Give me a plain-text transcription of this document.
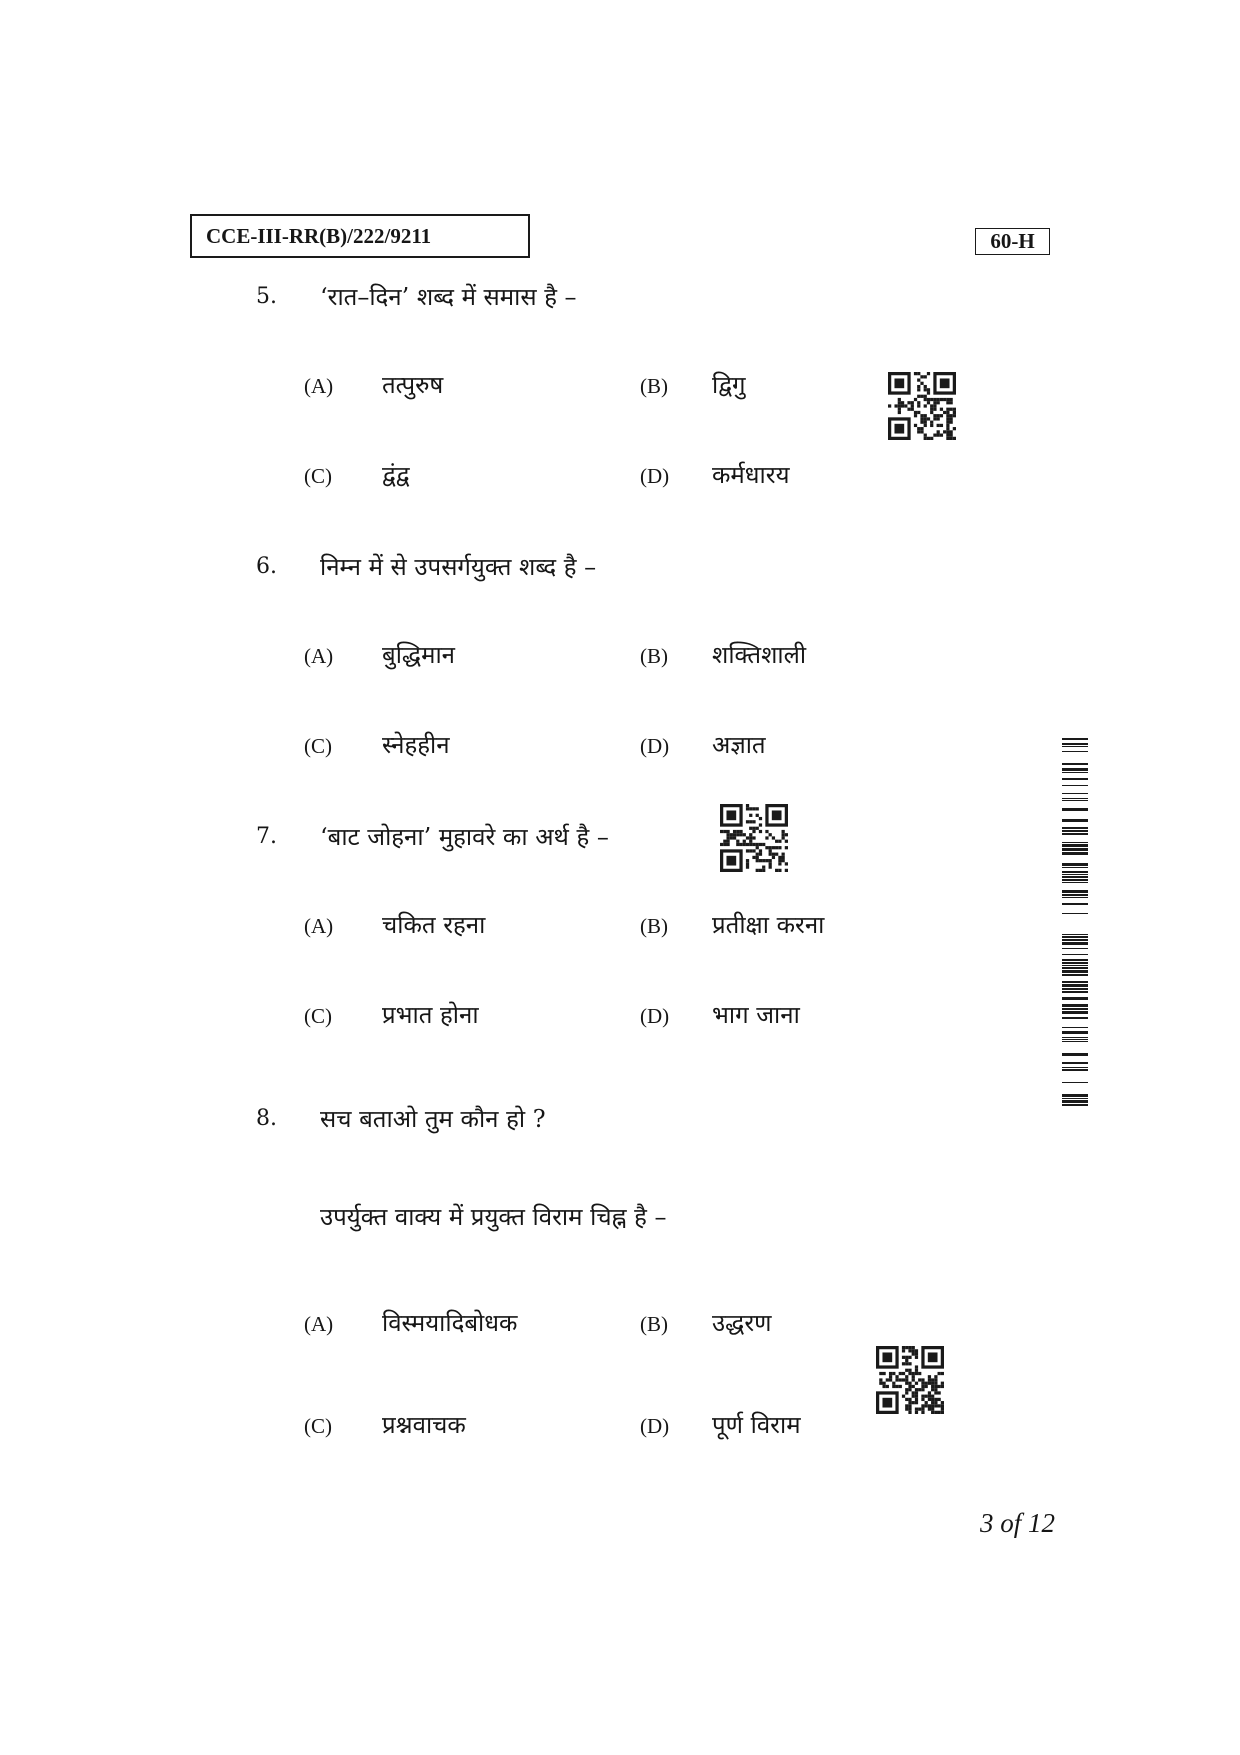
CCE-III-RR(B)/222/9211	60-H
5. ‘रात–दिन’ शब्द में समास है –
(A) तत्पुरुष	(B) द्विगु
(C) द्वंद्व	(D) कर्मधारय
6. निम्न में से उपसर्गयुक्त शब्द है –
(A) बुद्धिमान	(B) शक्तिशाली
(C) स्नेहहीन	(D) अज्ञात
7. ‘बाट जोहना’ मुहावरे का अर्थ है –
(A) चकित रहना	(B) प्रतीक्षा करना
(C) प्रभात होना	(D) भाग जाना
8. सच बताओ तुम कौन हो ?
उपर्युक्त वाक्य में प्रयुक्त विराम चिह्न है –
(A) विस्मयादिबोधक	(B) उद्धरण
(C) प्रश्नवाचक	(D) पूर्ण विराम
3 of 12
